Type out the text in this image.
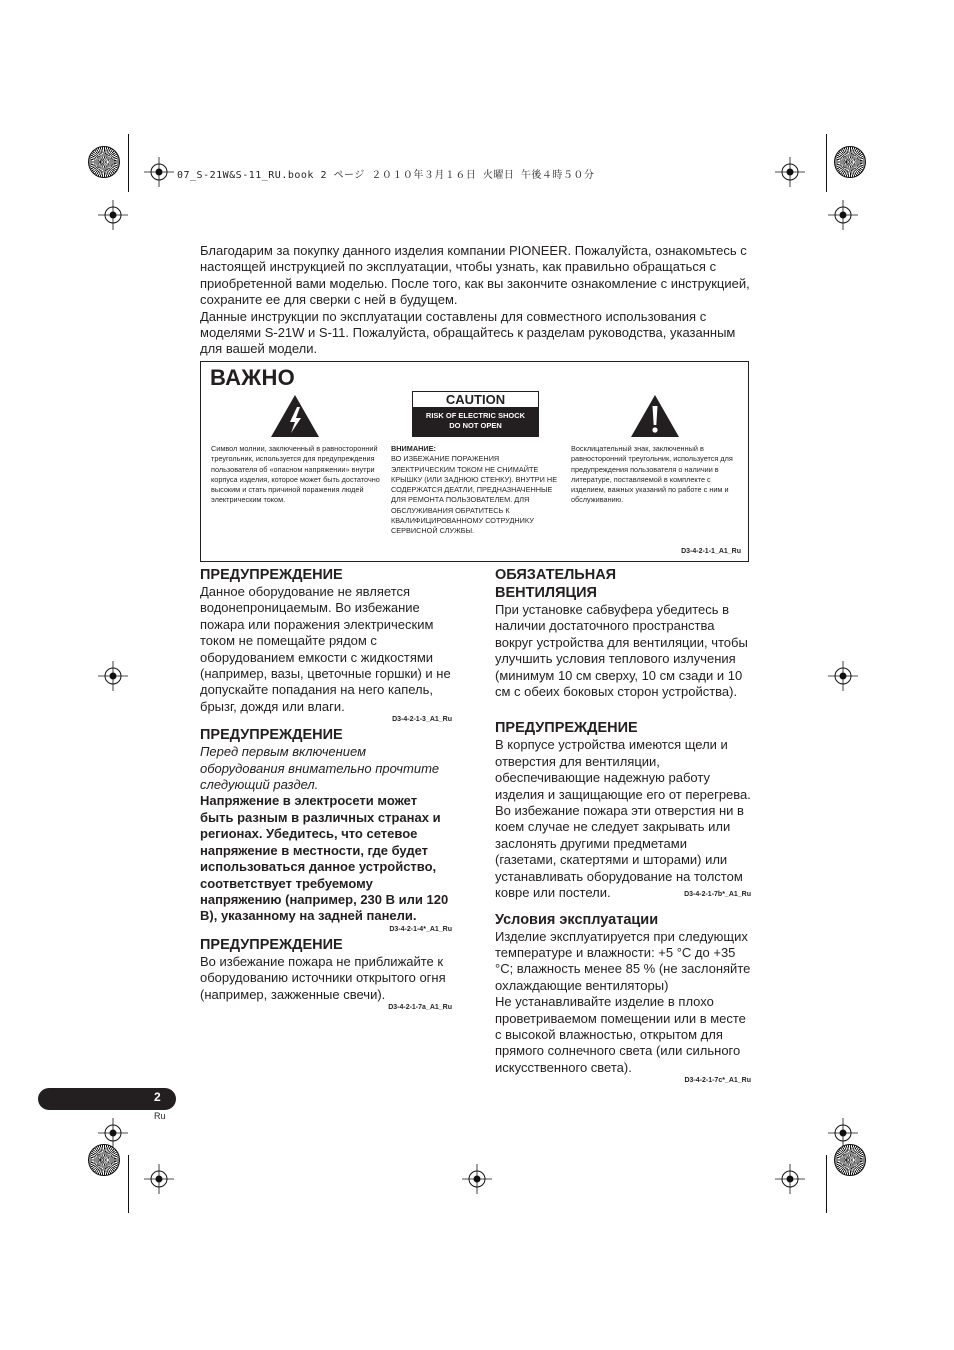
07_S-21W&S-11_RU.book 2 ページ ２０１０年３月１６日 火曜日 午後４時５０分

Благодарим за покупку данного изделия компании PIONEER. Пожалуйста, ознакомьтесь с настоящей инструкцией по эксплуатации, чтобы узнать, как правильно обращаться с приобретенной вами моделью. После того, как вы закончите ознакомление с инструкцией, сохраните ее для сверки с ней в будущем.

Данные инструкции по эксплуатации составлены для совместного использования с моделями S-21W и S-11. Пожалуйста, обращайтесь к разделам руководства, указанным для вашей модели.

ВАЖНО
CAUTION
RISK OF ELECTRIC SHOCK
DO NOT OPEN
Символ молнии, заключенный в равносторонний треугольник, используется для предупреждения пользователя об «опасном напряжении» внутри корпуса изделия, которое может быть достаточно высоким и стать причиной поражения людей электрическим током.
ВНИМАНИЕ:
ВО ИЗБЕЖАНИЕ ПОРАЖЕНИЯ ЭЛЕКТРИЧЕСКИМ ТОКОМ НЕ СНИМАЙТЕ КРЫШКУ (ИЛИ ЗАДНЮЮ СТЕНКУ). ВНУТРИ НЕ СОДЕРЖАТСЯ ДЕАТЛИ, ПРЕДНАЗНАЧЕННЫЕ ДЛЯ РЕМОНТА ПОЛЬЗОВАТЕЛЕМ. ДЛЯ ОБСЛУЖИВАНИЯ ОБРАТИТЕСЬ К КВАЛИФИЦИРОВАННОМУ СОТРУДНИКУ СЕРВИСНОЙ СЛУЖБЫ.
Восклицательный знак, заключенный в равносторонний треугольник, используется для предупреждения пользователя о наличии в литературе, поставляемой в комплекте с изделием, важных указаний по работе с ним и обслуживанию.
D3-4-2-1-1_A1_Ru
ПРЕДУПРЕЖДЕНИЕ

Данное оборудование не является водонепроницаемым. Во избежание пожара или поражения электрическим током не помещайте рядом с оборудованием емкости с жидкостями (например, вазы, цветочные горшки) и не допускайте попадания на него капель, брызг, дождя или влаги.

D3-4-2-1-3_A1_Ru
ПРЕДУПРЕЖДЕНИЕ

Перед первым включением оборудования внимательно прочтите следующий раздел.

Напряжение в электросети может быть разным в различных странах и регионах. Убедитесь, что сетевое напряжение в местности, где будет использоваться данное устройство, соответствует требуемому напряжению (например, 230 В или 120 В), указанному на задней панели.

D3-4-2-1-4*_A1_Ru
ПРЕДУПРЕЖДЕНИЕ

Во избежание пожара не приближайте к оборудованию источники открытого огня (например, зажженные свечи).

D3-4-2-1-7a_A1_Ru
ОБЯЗАТЕЛЬНАЯ ВЕНТИЛЯЦИЯ

При установке сабвуфера убедитесь в наличии достаточного пространства вокруг устройства для вентиляции, чтобы улучшить условия теплового излучения (минимум 10 см сверху, 10 см сзади и 10 см с обеих боковых сторон устройства).

ПРЕДУПРЕЖДЕНИЕ

В корпусе устройства имеются щели и отверстия для вентиляции, обеспечивающие надежную работу изделия и защищающие его от перегрева. Во избежание пожара эти отверстия ни в коем случае не следует закрывать или заслонять другими предметами (газетами, скатертями и шторами) или устанавливать оборудование на толстом ковре или постели.	D3-4-2-1-7b*_A1_Ru
Условия эксплуатации

Изделие эксплуатируется при следующих температуре и влажности: +5 °C до +35 °C; влажность менее 85 % (не заслоняйте охлаждающие вентиляторы)

Не устанавливайте изделие в плохо проветриваемом помещении или в месте с высокой влажностью, открытом для прямого солнечного света (или сильного искусственного света).

D3-4-2-1-7c*_A1_Ru
2
Ru
